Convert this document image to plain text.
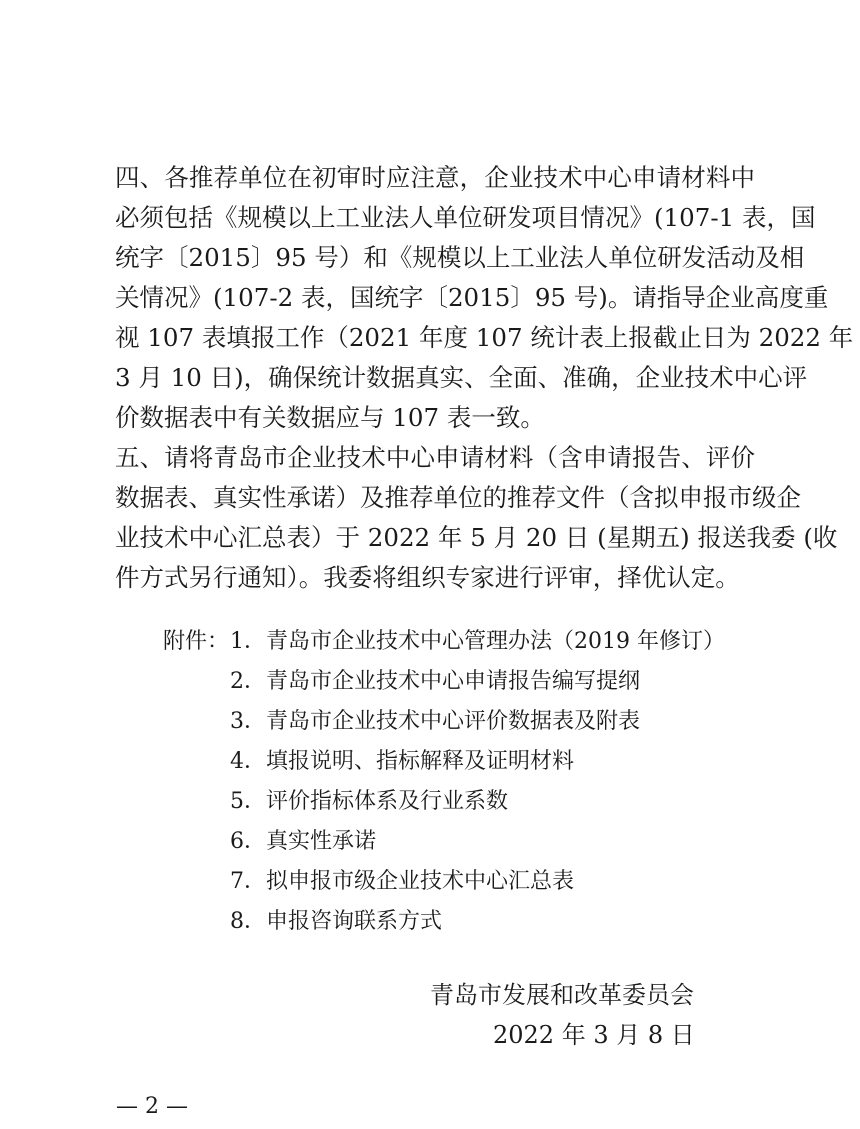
四、各推荐单位在初审时应注意，企业技术中心申请材料中
必须包括《规模以上工业法人单位研发项目情况》(107-1 表，国
统字〔2015〕95 号）和《规模以上工业法人单位研发活动及相
关情况》(107-2 表，国统字〔2015〕95 号)。请指导企业高度重
视 107 表填报工作（2021 年度 107 统计表上报截止日为 2022 年
3 月 10 日)，确保统计数据真实、全面、准确，企业技术中心评
价数据表中有关数据应与 107 表一致。
五、请将青岛市企业技术中心申请材料（含申请报告、评价
数据表、真实性承诺）及推荐单位的推荐文件（含拟申报市级企
业技术中心汇总表）于 2022 年 5 月 20 日 (星期五) 报送我委 (收
件方式另行通知）。我委将组织专家进行评审，择优认定。
附件： 1．青岛市企业技术中心管理办法（2019 年修订）
2．青岛市企业技术中心申请报告编写提纲
3．青岛市企业技术中心评价数据表及附表
4．填报说明、指标解释及证明材料
5．评价指标体系及行业系数
6．真实性承诺
7．拟申报市级企业技术中心汇总表
8．申报咨询联系方式
青岛市发展和改革委员会
2022 年 3 月 8 日
— 2 —
